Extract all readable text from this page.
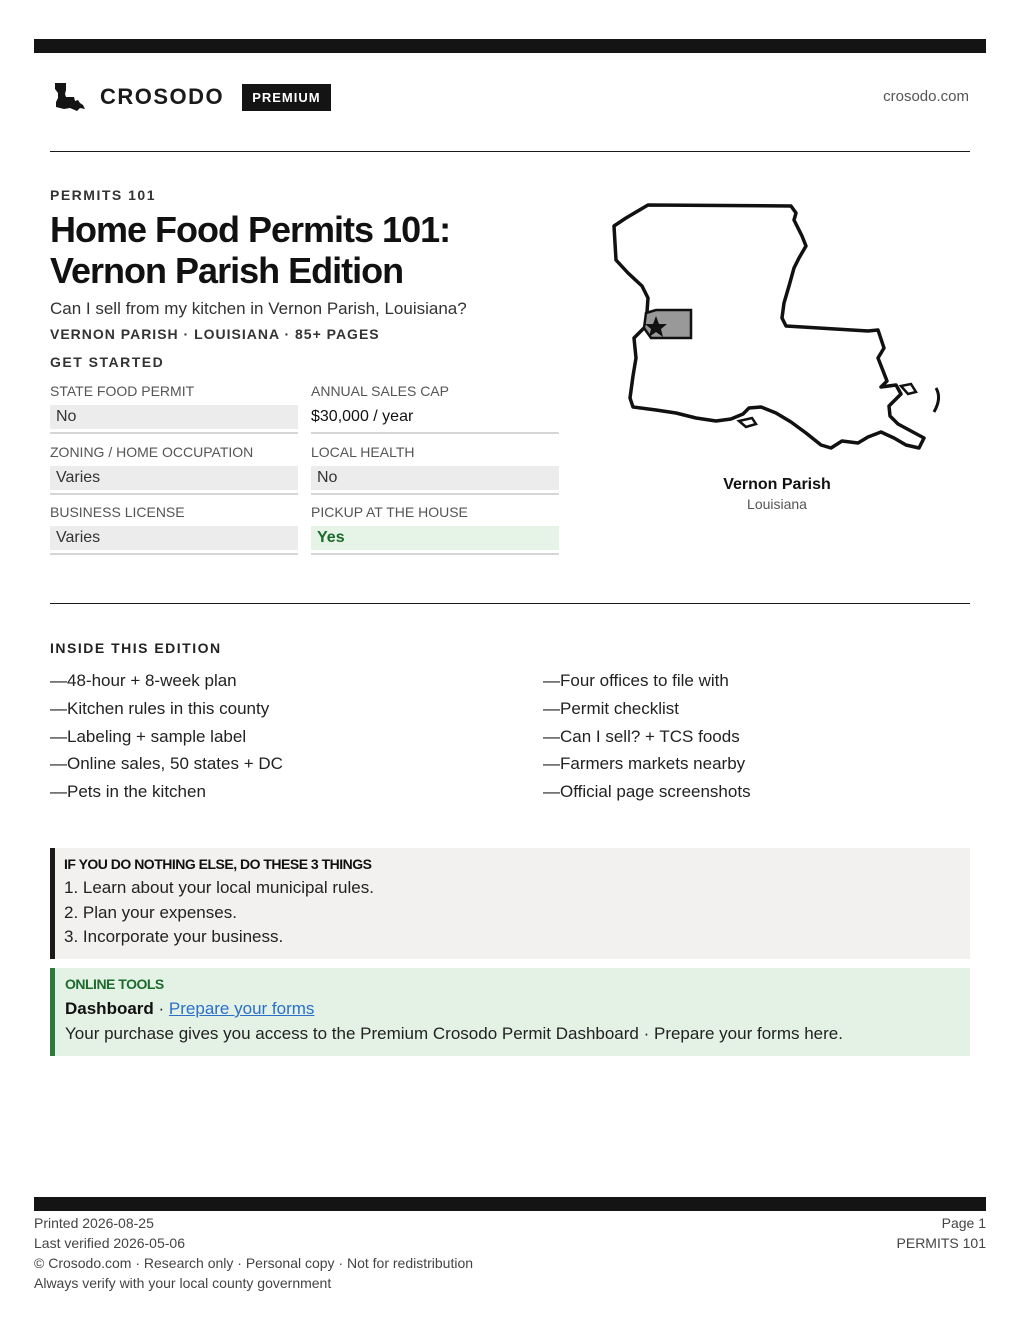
CROSODO	PREMIUM	crosodo.com
PERMITS 101
Home Food Permits 101: Vernon Parish Edition
Can I sell from my kitchen in Vernon Parish, Louisiana?
VERNON PARISH · LOUISIANA · 85+ PAGES
GET STARTED
STATE FOOD PERMIT
No
ANNUAL SALES CAP
$30,000 / year
ZONING / HOME OCCUPATION
Varies
LOCAL HEALTH
No
BUSINESS LICENSE
Varies
PICKUP AT THE HOUSE
Yes
Vernon Parish
Louisiana
INSIDE THIS EDITION
—48-hour + 8-week plan
—Kitchen rules in this county
—Labeling + sample label
—Online sales, 50 states + DC
—Pets in the kitchen
—Four offices to file with
—Permit checklist
—Can I sell? + TCS foods
—Farmers markets nearby
—Official page screenshots
IF YOU DO NOTHING ELSE, DO THESE 3 THINGS
1. Learn about your local municipal rules.
2. Plan your expenses.
3. Incorporate your business.
ONLINE TOOLS
Dashboard · Prepare your forms
Your purchase gives you access to the Premium Crosodo Permit Dashboard · Prepare your forms here.
Printed 2026-08-25
Last verified 2026-05-06
© Crosodo.com · Research only · Personal copy · Not for redistribution
Always verify with your local county government
Page 1
PERMITS 101
